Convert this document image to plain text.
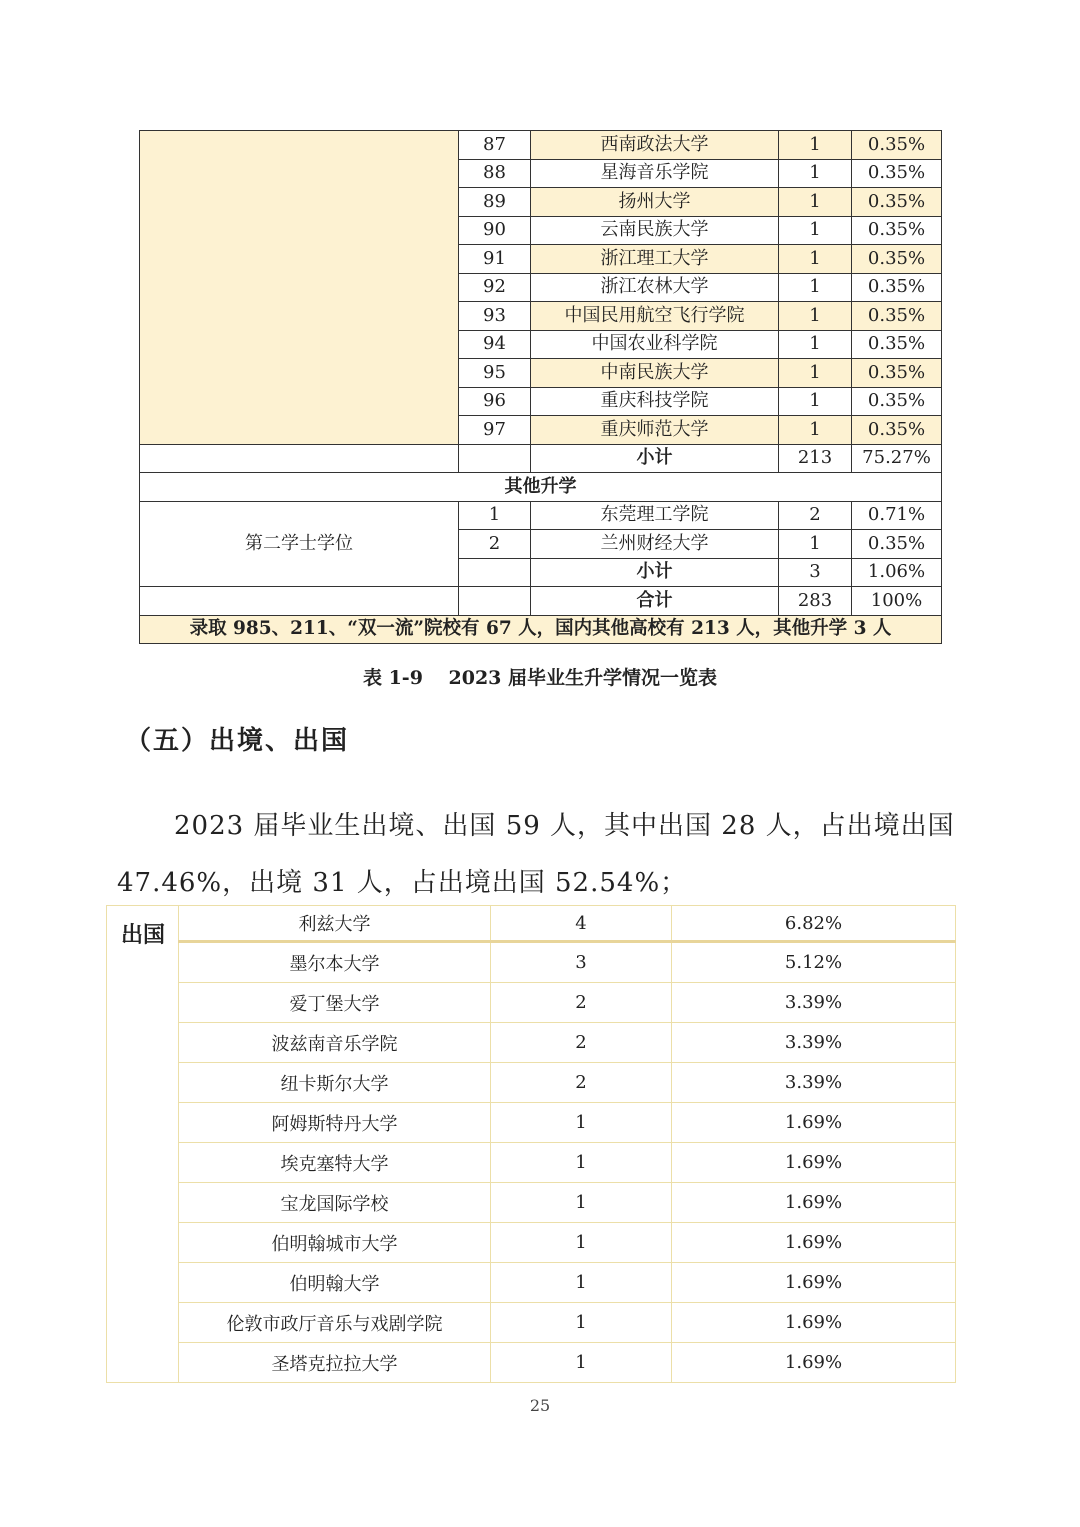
	87	西南政法大学	1	0.35%
	88	星海音乐学院	1	0.35%
	89	扬州大学	1	0.35%
	90	云南民族大学	1	0.35%
	91	浙江理工大学	1	0.35%
	92	浙江农林大学	1	0.35%
	93	中国民用航空飞行学院	1	0.35%
	94	中国农业科学院	1	0.35%
	95	中南民族大学	1	0.35%
	96	重庆科技学院	1	0.35%
	97	重庆师范大学	1	0.35%
		小计	213	75.27%
其他升学				
第二学士学位	1	东莞理工学院	2	0.71%
	2	兰州财经大学	1	0.35%
		小计	3	1.06%
		合计	283	100%
录取 985、211、“双一流”院校有 67 人，国内其他高校有 213 人，其他升学 3 人				
表 1-9　 2023 届毕业生升学情况一览表
（五）出境、出国
2023 届毕业生出境、出国 59 人，其中出国 28 人，占出境出国
47.46%，出境 31 人，占出境出国 52.54%；
出国	利兹大学	4	6.82%
	墨尔本大学	3	5.12%
	爱丁堡大学	2	3.39%
	波兹南音乐学院	2	3.39%
	纽卡斯尔大学	2	3.39%
	阿姆斯特丹大学	1	1.69%
	埃克塞特大学	1	1.69%
	宝龙国际学校	1	1.69%
	伯明翰城市大学	1	1.69%
	伯明翰大学	1	1.69%
	伦敦市政厅音乐与戏剧学院	1	1.69%
	圣塔克拉拉大学	1	1.69%
25
